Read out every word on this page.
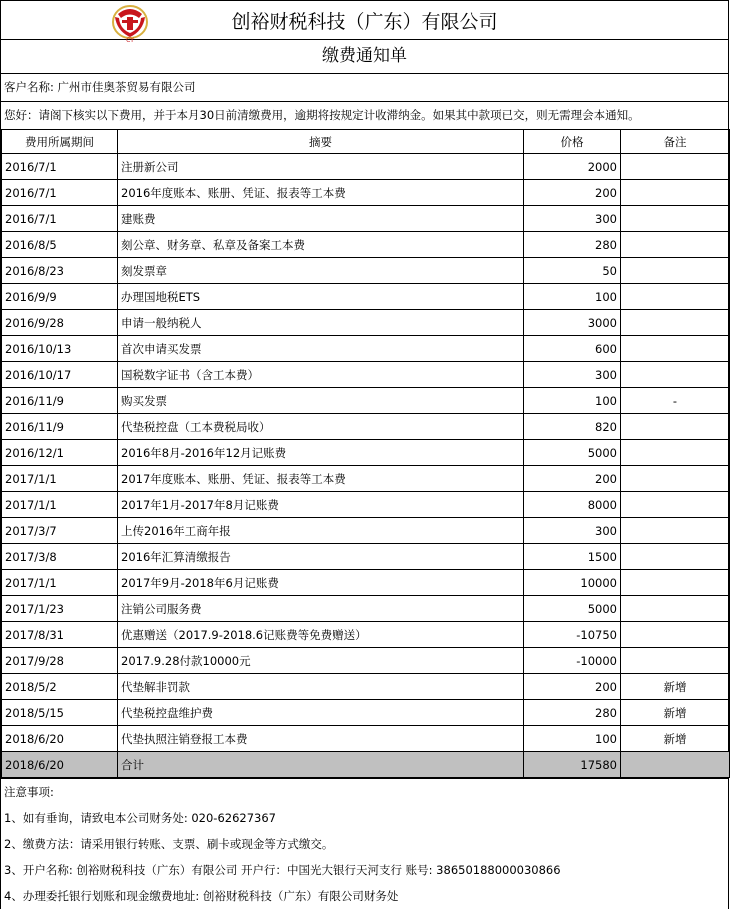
CY
创裕财税科技（广东）有限公司
缴费通知单
客户名称: 广州市佳奥茶贸易有限公司
您好：请阁下核实以下费用，并于本月30日前清缴费用，逾期将按规定计收滞纳金。如果其中款项已交，则无需理会本通知。
费用所属期间	摘要	价格	备注
2016/7/1	注册新公司	2000	
2016/7/1	2016年度账本、账册、凭证、报表等工本费	200	
2016/7/1	建账费	300	
2016/8/5	刻公章、财务章、私章及备案工本费	280	
2016/8/23	刻发票章	50	
2016/9/9	办理国地税ETS	100	
2016/9/28	申请一般纳税人	3000	
2016/10/13	首次申请买发票	600	
2016/10/17	国税数字证书（含工本费）	300	
2016/11/9	购买发票	100	-
2016/11/9	代垫税控盘（工本费税局收）	820	
2016/12/1	2016年8月-2016年12月记账费	5000	
2017/1/1	2017年度账本、账册、凭证、报表等工本费	200	
2017/1/1	2017年1月-2017年8月记账费	8000	
2017/3/7	上传2016年工商年报	300	
2017/3/8	2016年汇算清缴报告	1500	
2017/1/1	2017年9月-2018年6月记账费	10000	
2017/1/23	注销公司服务费	5000	
2017/8/31	优惠赠送（2017.9-2018.6记账费等免费赠送）	-10750	
2017/9/28	2017.9.28付款10000元	-10000	
2018/5/2	代垫解非罚款	200	新增
2018/5/15	代垫税控盘维护费	280	新增
2018/6/20	代垫执照注销登报工本费	100	新增
2018/6/20	合计	17580	
注意事项:
1、如有垂询，请致电本公司财务处: 020-62627367
2、缴费方法：请采用银行转账、支票、刷卡或现金等方式缴交。
3、开户名称: 创裕财税科技（广东）有限公司 开户行：中国光大银行天河支行 账号: 38650188000030866
4、办理委托银行划账和现金缴费地址: 创裕财税科技（广东）有限公司财务处
